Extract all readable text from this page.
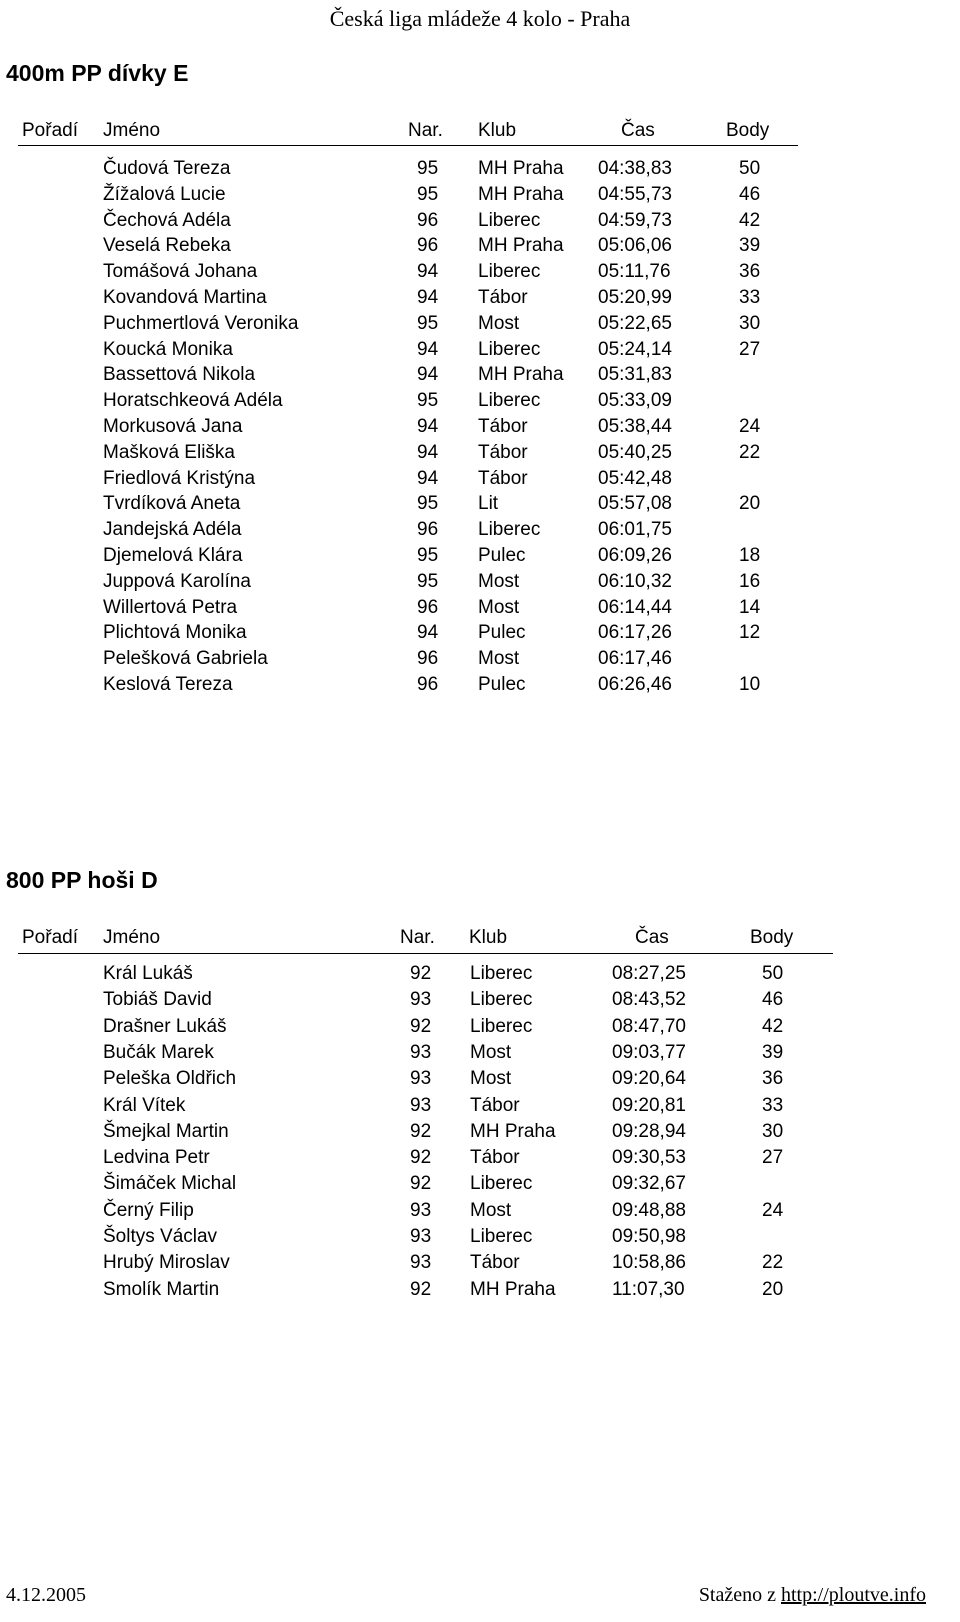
Česká liga mládeže 4 kolo - Praha
400m PP dívky E
Pořadí Jméno	Nar. Klub	Čas	Body
Čudová Tereza	95 MH Praha 04:38,83	50
Žížalová Lucie	95 MH Praha 04:55,73	46
Čechová Adéla	96 Liberec	04:59,73	42
Veselá Rebeka	96 MH Praha 05:06,06	39
Tomášová Johana	94 Liberec	05:11,76	36
Kovandová Martina	94 Tábor	05:20,99	33
Puchmertlová Veronika	95 Most	05:22,65	30
Koucká Monika	94 Liberec	05:24,14	27
Bassettová Nikola	94 MH Praha 05:31,83
Horatschkeová Adéla	95 Liberec	05:33,09
Morkusová Jana	94 Tábor	05:38,44	24
Mašková Eliška	94 Tábor	05:40,25	22
Friedlová Kristýna	94 Tábor	05:42,48
Tvrdíková Aneta	95 Lit	05:57,08	20
Jandejská Adéla	96 Liberec	06:01,75
Djemelová Klára	95 Pulec	06:09,26	18
Juppová Karolína	95 Most	06:10,32	16
Willertová Petra	96 Most	06:14,44	14
Plichtová Monika	94 Pulec	06:17,26	12
Pelešková Gabriela	96 Most	06:17,46
Keslová Tereza	96 Pulec	06:26,46	10
800 PP hoši D
Pořadí Jméno	Nar. Klub	Čas	Body
Král Lukáš	92 Liberec	08:27,25	50
Tobiáš David	93 Liberec	08:43,52	46
Drašner Lukáš	92 Liberec	08:47,70	42
Bučák Marek	93 Most	09:03,77	39
Peleška Oldřich	93 Most	09:20,64	36
Král Vítek	93 Tábor	09:20,81	33
Šmejkal Martin	92 MH Praha	09:28,94	30
Ledvina Petr	92 Tábor	09:30,53	27
Šimáček Michal	92 Liberec	09:32,67
Černý Filip	93 Most	09:48,88	24
Šoltys Václav	93 Liberec	09:50,98
Hrubý Miroslav	93 Tábor	10:58,86	22
Smolík Martin	92 MH Praha	11:07,30	20
4.12.2005	Staženo z http://ploutve.info
